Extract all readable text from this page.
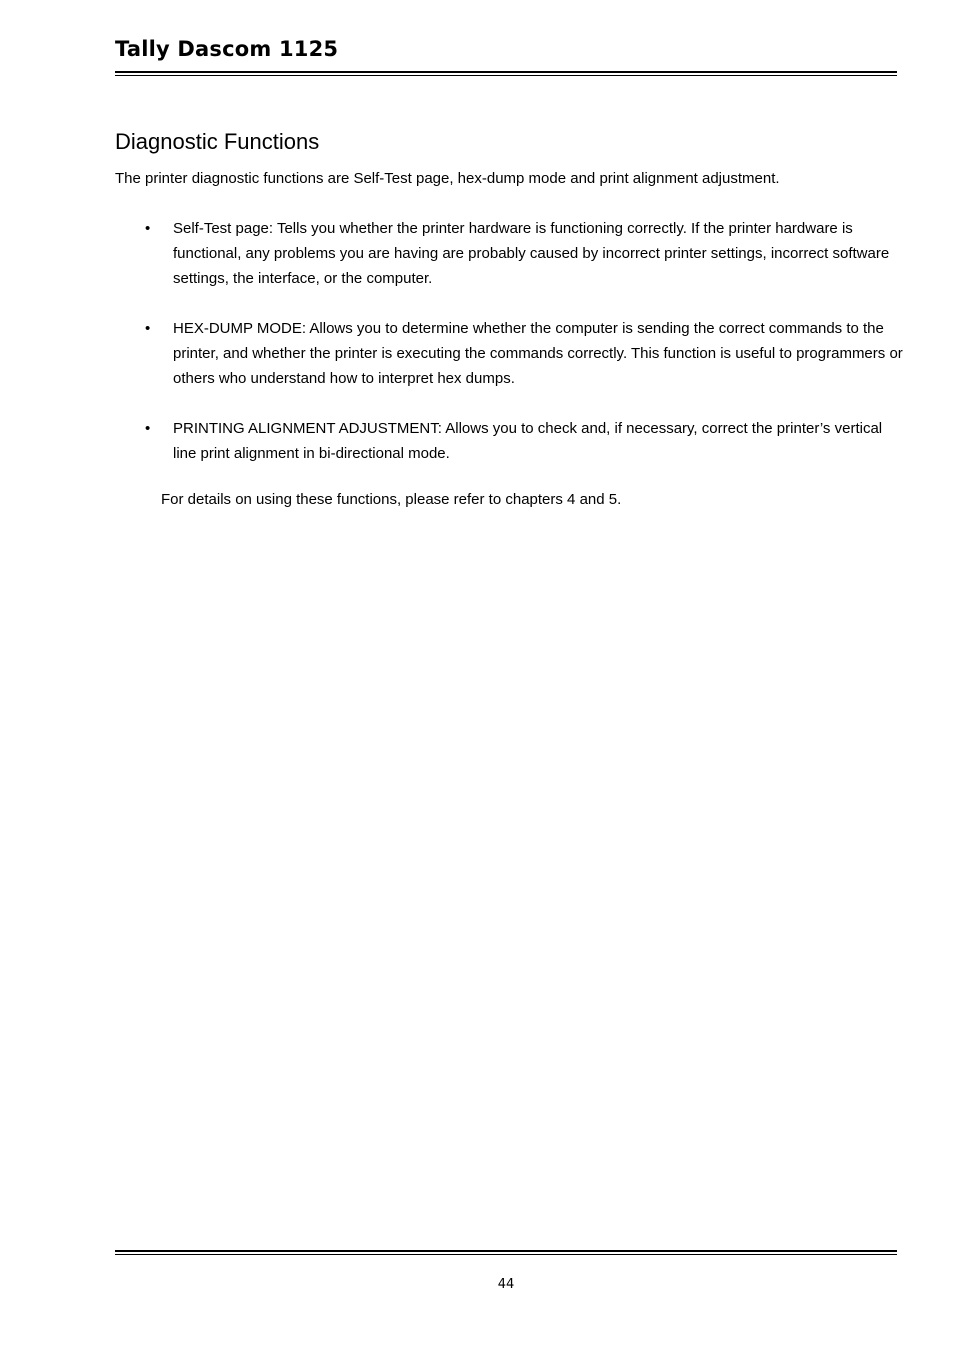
Tally Dascom 1125
Diagnostic Functions

The printer diagnostic functions are Self-Test page, hex-dump mode and print alignment adjustment.

•	Self-Test page: Tells you whether the printer hardware is functioning correctly. If the printer hardware is functional, any problems you are having are probably caused by incorrect printer settings, incorrect software settings, the interface, or the computer.
•	HEX-DUMP MODE: Allows you to determine whether the computer is sending the correct commands to the printer, and whether the printer is executing the commands correctly. This function is useful to programmers or others who understand how to interpret hex dumps.
•	PRINTING ALIGNMENT ADJUSTMENT: Allows you to check and, if necessary, correct the printer’s vertical line print alignment in bi-directional mode.

For details on using these functions, please refer to chapters 4 and 5.

44
